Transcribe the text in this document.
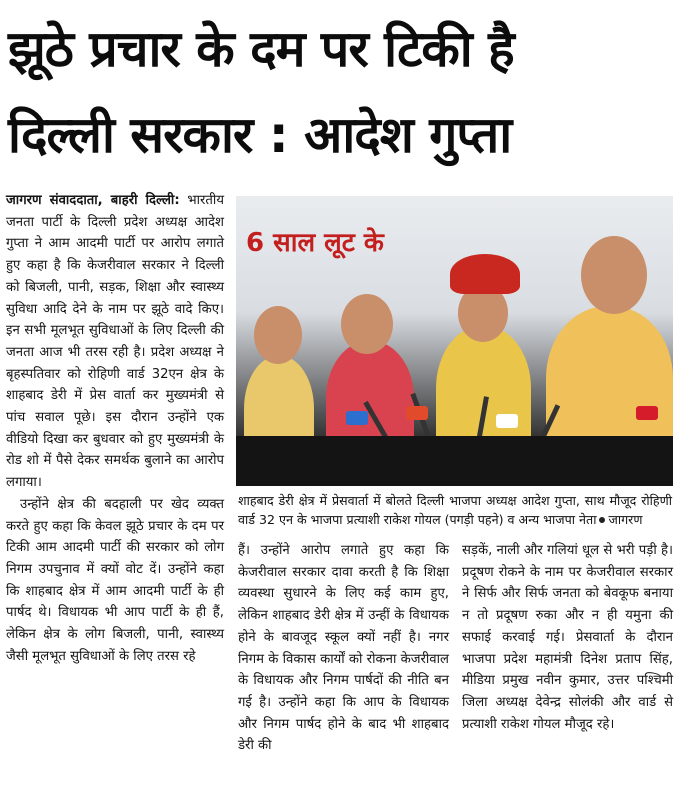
झूठे प्रचार के दम पर टिकी है
दिल्ली सरकार : आदेश गुप्ता

जागरण संवाददाता, बाहरी दिल्ली: भारतीय जनता पार्टी के दिल्ली प्रदेश अध्यक्ष आदेश गुप्ता ने आम आदमी पार्टी पर आरोप लगाते हुए कहा है कि केजरीवाल सरकार ने दिल्ली को बिजली, पानी, सड़क, शिक्षा और स्वास्थ्य सुविधा आदि देने के नाम पर झूठे वादे किए। इन सभी मूलभूत सुविधाओं के लिए दिल्ली की जनता आज भी तरस रही है। प्रदेश अध्यक्ष ने बृहस्पतिवार को रोहिणी वार्ड 32एन क्षेत्र के शाहबाद डेरी में प्रेस वार्ता कर मुख्यमंत्री से पांच सवाल पूछे। इस दौरान उन्होंने एक वीडियो दिखा कर बुधवार को हुए मुख्यमंत्री के रोड शो में पैसे देकर समर्थक बुलाने का आरोप लगाया।

उन्होंने क्षेत्र की बदहाली पर खेद व्यक्त करते हुए कहा कि केवल झूठे प्रचार के दम पर टिकी आम आदमी पार्टी की सरकार को लोग निगम उपचुनाव में क्यों वोट दें। उन्होंने कहा कि शाहबाद क्षेत्र में आम आदमी पार्टी के ही पार्षद थे। विधायक भी आप पार्टी के ही हैं, लेकिन क्षेत्र के लोग बिजली, पानी, स्वास्थ्य जैसी मूलभूत सुविधाओं के लिए तरस रहे

6 साल लूट के
शाहबाद डेरी क्षेत्र में प्रेसवार्ता में बोलते दिल्ली भाजपा अध्यक्ष आदेश गुप्ता, साथ मौजूद रोहिणी वार्ड 32 एन के भाजपा प्रत्याशी राकेश गोयल (पगड़ी पहने) व अन्य भाजपा नेता जागरण

हैं। उन्होंने आरोप लगाते हुए कहा कि केजरीवाल सरकार दावा करती है कि शिक्षा व्यवस्था सुधारने के लिए कई काम हुए, लेकिन शाहबाद डेरी क्षेत्र में उन्हीं के विधायक होने के बावजूद स्कूल क्यों नहीं है। नगर निगम के विकास कार्यों को रोकना केजरीवाल के विधायक और निगम पार्षदों की नीति बन गई है। उन्होंने कहा कि आप के विधायक और निगम पार्षद होने के बाद भी शाहबाद डेरी की

सड़कें, नाली और गलियां धूल से भरी पड़ी है। प्रदूषण रोकने के नाम पर केजरीवाल सरकार ने सिर्फ और सिर्फ जनता को बेवकूफ बनाया न तो प्रदूषण रुका और न ही यमुना की सफाई करवाई गई। प्रेसवार्ता के दौरान भाजपा प्रदेश महामंत्री दिनेश प्रताप सिंह, मीडिया प्रमुख नवीन कुमार, उत्तर पश्चिमी जिला अध्यक्ष देवेन्द्र सोलंकी और वार्ड से प्रत्याशी राकेश गोयल मौजूद रहे।
